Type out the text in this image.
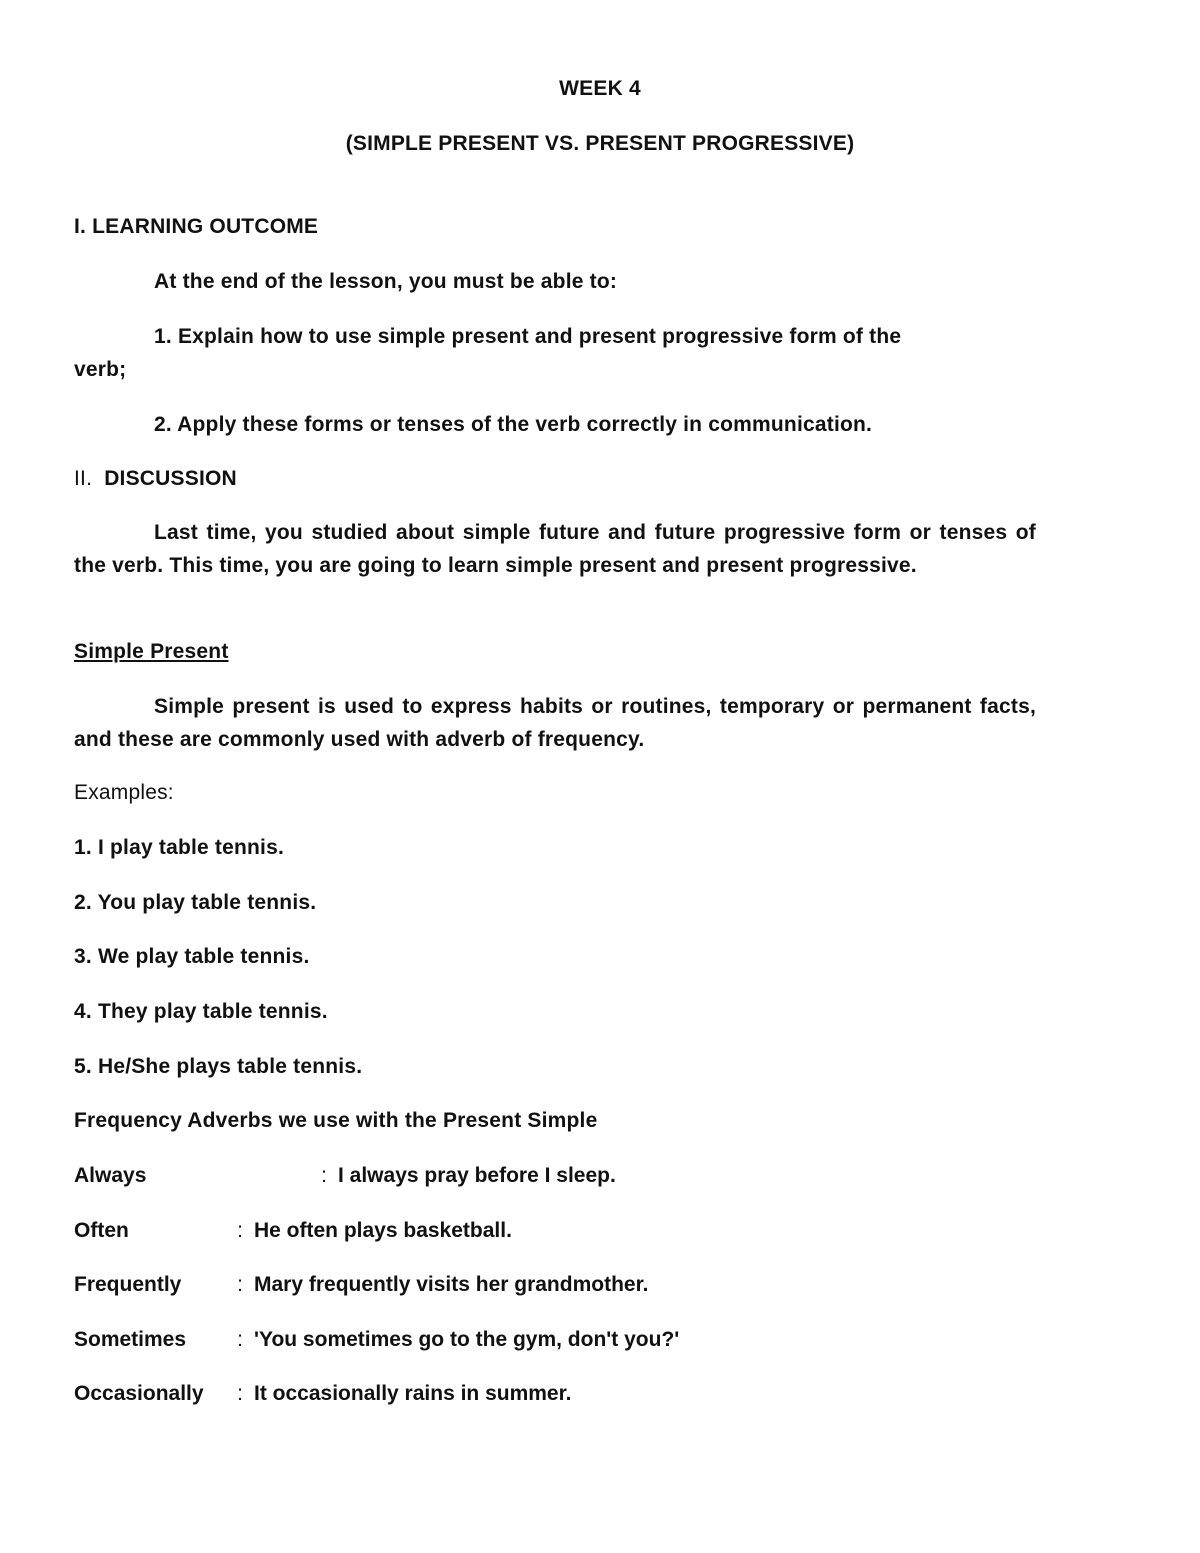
WEEK 4
(SIMPLE PRESENT VS. PRESENT PROGRESSIVE)
I. LEARNING OUTCOME
At the end of the lesson, you must be able to:
1. Explain how to use simple present and present progressive form of the
verb;
2. Apply these forms or tenses of the verb correctly in communication.
II. DISCUSSION

Last time, you studied about simple future and future progressive form or tenses of the verb. This time, you are going to learn simple present and present progressive.

Simple Present

Simple present is used to express habits or routines, temporary or permanent facts, and these are commonly used with adverb of frequency.

Examples:
1. I play table tennis.
2. You play table tennis.
3. We play table tennis.
4. They play table tennis.
5. He/She plays table tennis.
Frequency Adverbs we use with the Present Simple
Always	: I always pray before I sleep.
Often	: He often plays basketball.
Frequently	: Mary frequently visits her grandmother.
Sometimes : 'You sometimes go to the gym, don't you?'
Occasionally : It occasionally rains in summer.
